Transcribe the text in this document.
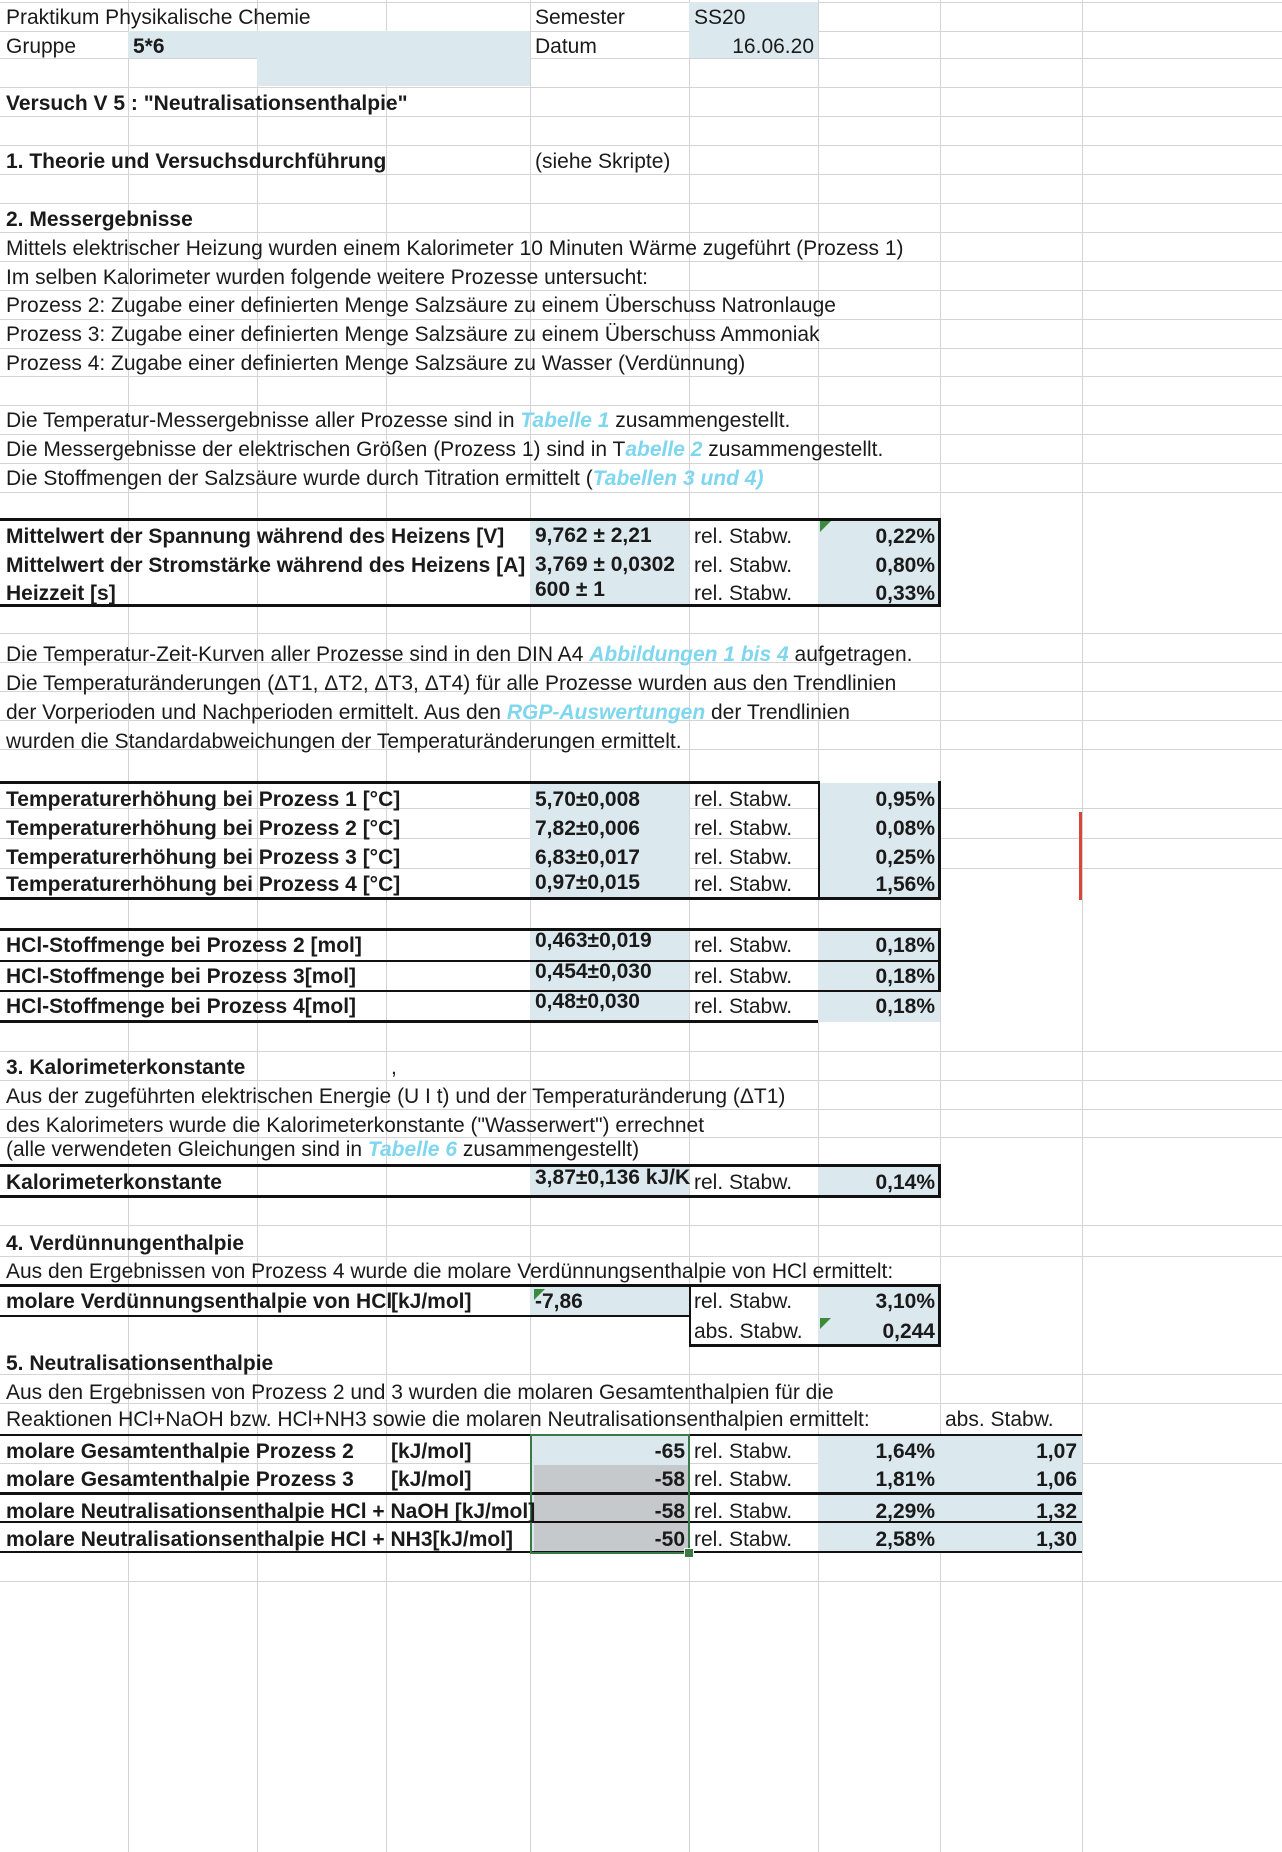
Praktikum Physikalische Chemie	Semester	SS20
Gruppe	5*6	Datum	16.06.20
Versuch V 5 : "Neutralisationsenthalpie"
1. Theorie und Versuchsdurchführung	(siehe Skripte)
2. Messergebnisse
Mittels elektrischer Heizung wurden einem Kalorimeter 10 Minuten Wärme zugeführt (Prozess 1)
Im selben Kalorimeter wurden folgende weitere Prozesse untersucht:
Prozess 2: Zugabe einer definierten Menge Salzsäure zu einem Überschuss Natronlauge
Prozess 3: Zugabe einer definierten Menge Salzsäure zu einem Überschuss Ammoniak
Prozess 4: Zugabe einer definierten Menge Salzsäure zu Wasser (Verdünnung)
Die Temperatur-Messergebnisse aller Prozesse sind in Tabelle 1 zusammengestellt.
Die Messergebnisse der elektrischen Größen (Prozess 1) sind in Tabelle 2 zusammengestellt.
Die Stoffmengen der Salzsäure wurde durch Titration ermittelt (Tabellen 3 und 4)
Mittelwert der Spannung während des Heizens [V] 9,762 ± 2,21 rel. Stabw.	0,22%
Mittelwert der Stromstärke während des Heizens [A] 3,769 ± 0,0302 rel. Stabw.	0,80%
Heizzeit [s]	600 ± 1	rel. Stabw.	0,33%
Die Temperatur-Zeit-Kurven aller Prozesse sind in den DIN A4 Abbildungen 1 bis 4 aufgetragen.
Die Temperaturänderungen (ΔT1, ΔT2, ΔT3, ΔT4) für alle Prozesse wurden aus den Trendlinien
der Vorperioden und Nachperioden ermittelt. Aus den RGP-Auswertungen der Trendlinien
wurden die Standardabweichungen der Temperaturänderungen ermittelt.
Temperaturerhöhung bei Prozess 1 [°C]	5,70±0,008	rel. Stabw.	0,95%
Temperaturerhöhung bei Prozess 2 [°C]	7,82±0,006	rel. Stabw.	0,08%
Temperaturerhöhung bei Prozess 3 [°C]	6,83±0,017	rel. Stabw.	0,25%
Temperaturerhöhung bei Prozess 4 [°C]	0,97±0,015	rel. Stabw.	1,56%
HCl-Stoffmenge bei Prozess 2 [mol]	0,463±0,019 rel. Stabw.	0,18%
HCl-Stoffmenge bei Prozess 3[mol]	0,454±0,030 rel. Stabw.	0,18%
HCl-Stoffmenge bei Prozess 4[mol]	0,48±0,030	rel. Stabw.	0,18%
3. Kalorimeterkonstante	,
Aus der zugeführten elektrischen Energie (U I t) und der Temperaturänderung (ΔT1)
des Kalorimeters wurde die Kalorimeterkonstante ("Wasserwert") errechnet
(alle verwendeten Gleichungen sind in Tabelle 6 zusammengestellt)
Kalorimeterkonstante	3,87±0,136 kJ/K rel. Stabw.	0,14%
4. Verdünnungenthalpie
Aus den Ergebnissen von Prozess 4 wurde die molare Verdünnungsenthalpie von HCl ermittelt:
molare Verdünnungsenthalpie von HCl
[kJ/mol]	-7,86	rel. Stabw.	3,10%
abs. Stabw.	0,244
5. Neutralisationsenthalpie
Aus den Ergebnissen von Prozess 2 und 3 wurden die molaren Gesamtenthalpien für die
Reaktionen HCl+NaOH bzw. HCl+NH3 sowie die molaren Neutralisationsenthalpien ermittelt:	abs. Stabw.
molare Gesamtenthalpie Prozess 2 [kJ/mol]	-65 rel. Stabw.	1,64%	1,07
molare Gesamtenthalpie Prozess 3 [kJ/mol]	-58 rel. Stabw.	1,81%	1,06
molare Neutralisationsenthalpie HCl + NaOH [kJ/mol]	-58 rel. Stabw.	2,29%	1,32
molare Neutralisationsenthalpie HCl + NH3[kJ/mol]	-50 rel. Stabw.	2,58%	1,30
